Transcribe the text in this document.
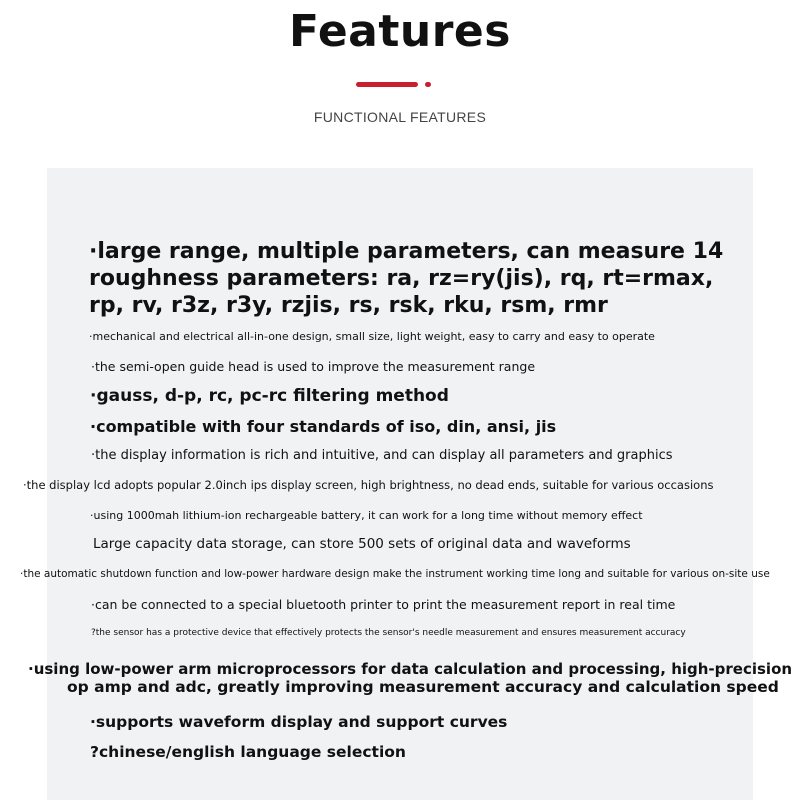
Features
FUNCTIONAL FEATURES
·large range, multiple parameters, can measure 14
roughness parameters: ra, rz=ry(jis), rq, rt=rmax,
rp, rv, r3z, r3y, rzjis, rs, rsk, rku, rsm, rmr
·mechanical and electrical all-in-one design, small size, light weight, easy to carry and easy to operate
·the semi-open guide head is used to improve the measurement range
·gauss, d-p, rc, pc-rc filtering method
·compatible with four standards of iso, din, ansi, jis
·the display information is rich and intuitive, and can display all parameters and graphics
·the display lcd adopts popular 2.0inch ips display screen, high brightness, no dead ends, suitable for various occasions
·using 1000mah lithium-ion rechargeable battery, it can work for a long time without memory effect
Large capacity data storage, can store 500 sets of original data and waveforms
·the automatic shutdown function and low-power hardware design make the instrument working time long and suitable for various on-site use
·can be connected to a special bluetooth printer to print the measurement report in real time
?the sensor has a protective device that effectively protects the sensor's needle measurement and ensures measurement accuracy
·using low-power arm microprocessors for data calculation and processing, high-precision
op amp and adc, greatly improving measurement accuracy and calculation speed
·supports waveform display and support curves
?chinese/english language selection
